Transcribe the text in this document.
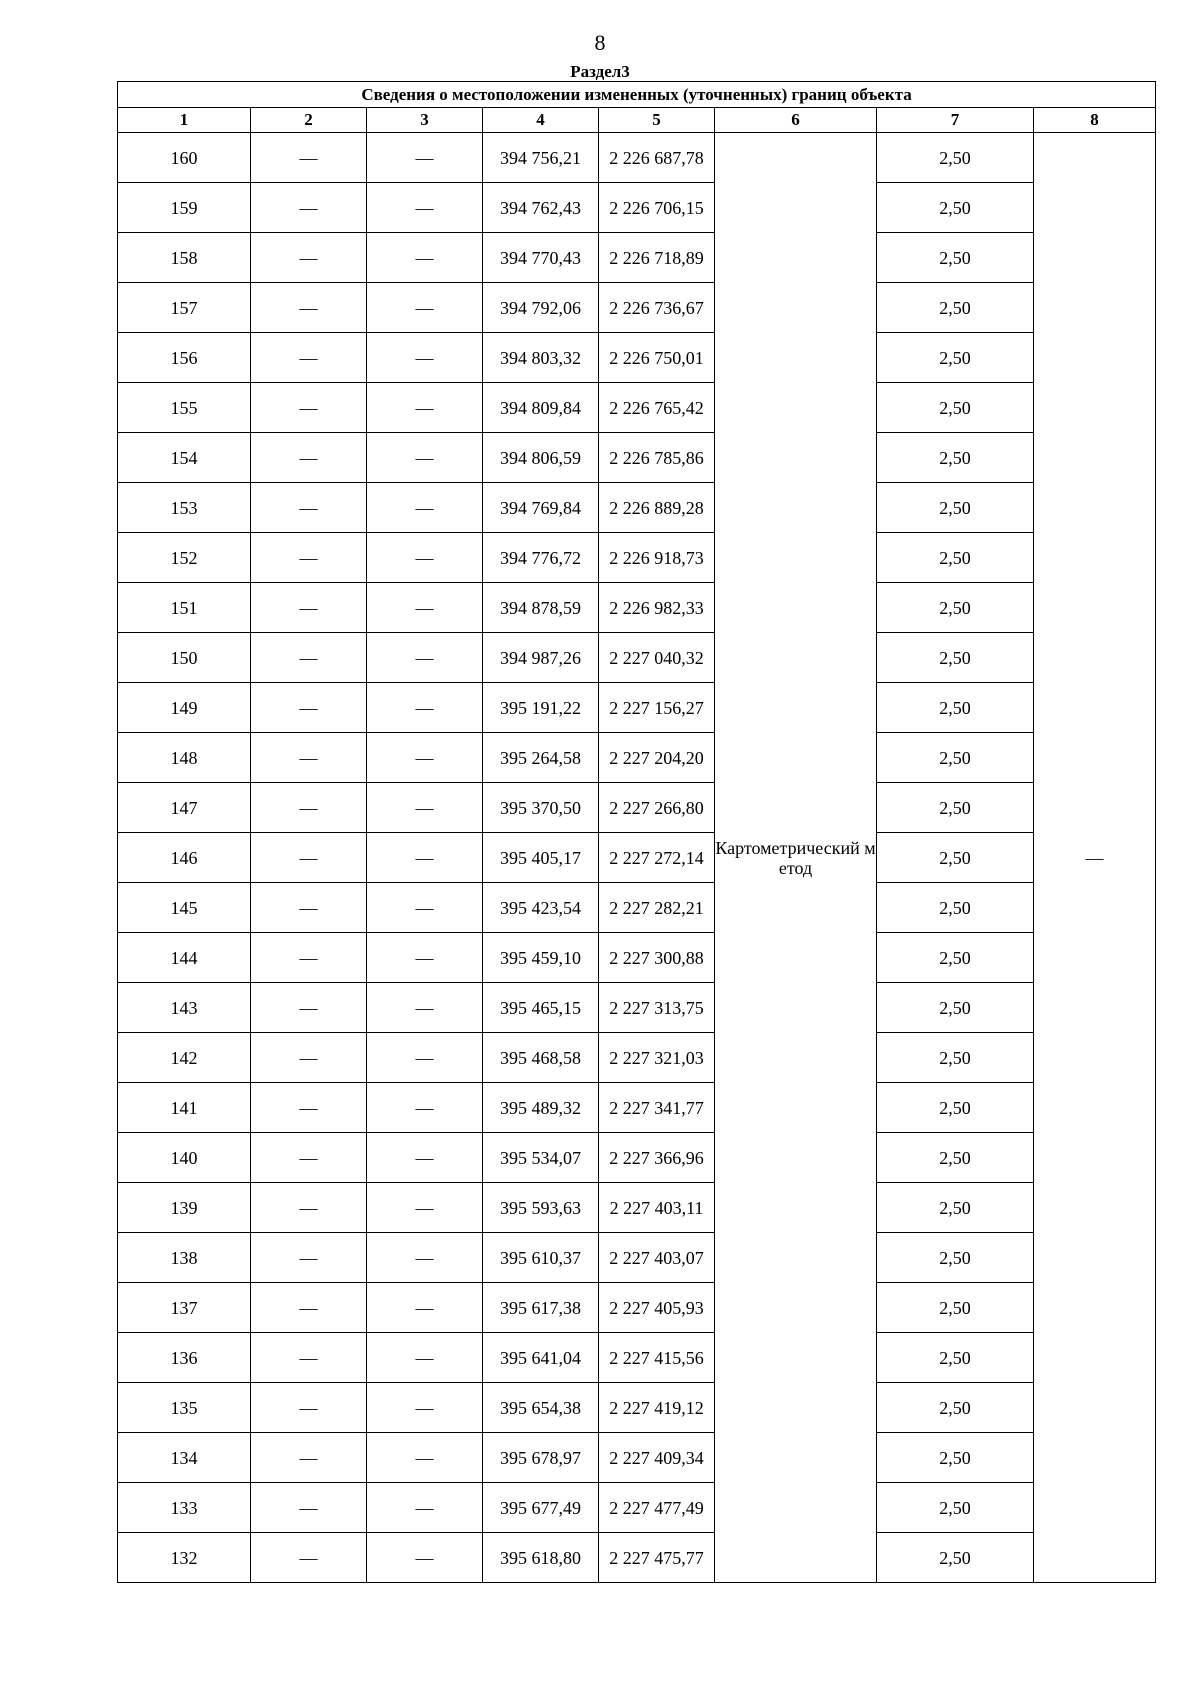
8
Раздел3
Сведения о местоположении измененных (уточненных) границ объекта							
1	2	3	4	5	6	7	8
160	—	—	394 756,21	2 226 687,78	Картометрический метод	2,50	—
159	—	—	394 762,43	2 226 706,15		2,50	
158	—	—	394 770,43	2 226 718,89		2,50	
157	—	—	394 792,06	2 226 736,67		2,50	
156	—	—	394 803,32	2 226 750,01		2,50	
155	—	—	394 809,84	2 226 765,42		2,50	
154	—	—	394 806,59	2 226 785,86		2,50	
153	—	—	394 769,84	2 226 889,28		2,50	
152	—	—	394 776,72	2 226 918,73		2,50	
151	—	—	394 878,59	2 226 982,33		2,50	
150	—	—	394 987,26	2 227 040,32		2,50	
149	—	—	395 191,22	2 227 156,27		2,50	
148	—	—	395 264,58	2 227 204,20		2,50	
147	—	—	395 370,50	2 227 266,80		2,50	
146	—	—	395 405,17	2 227 272,14		2,50	
145	—	—	395 423,54	2 227 282,21		2,50	
144	—	—	395 459,10	2 227 300,88		2,50	
143	—	—	395 465,15	2 227 313,75		2,50	
142	—	—	395 468,58	2 227 321,03		2,50	
141	—	—	395 489,32	2 227 341,77		2,50	
140	—	—	395 534,07	2 227 366,96		2,50	
139	—	—	395 593,63	2 227 403,11		2,50	
138	—	—	395 610,37	2 227 403,07		2,50	
137	—	—	395 617,38	2 227 405,93		2,50	
136	—	—	395 641,04	2 227 415,56		2,50	
135	—	—	395 654,38	2 227 419,12		2,50	
134	—	—	395 678,97	2 227 409,34		2,50	
133	—	—	395 677,49	2 227 477,49		2,50	
132	—	—	395 618,80	2 227 475,77		2,50	
